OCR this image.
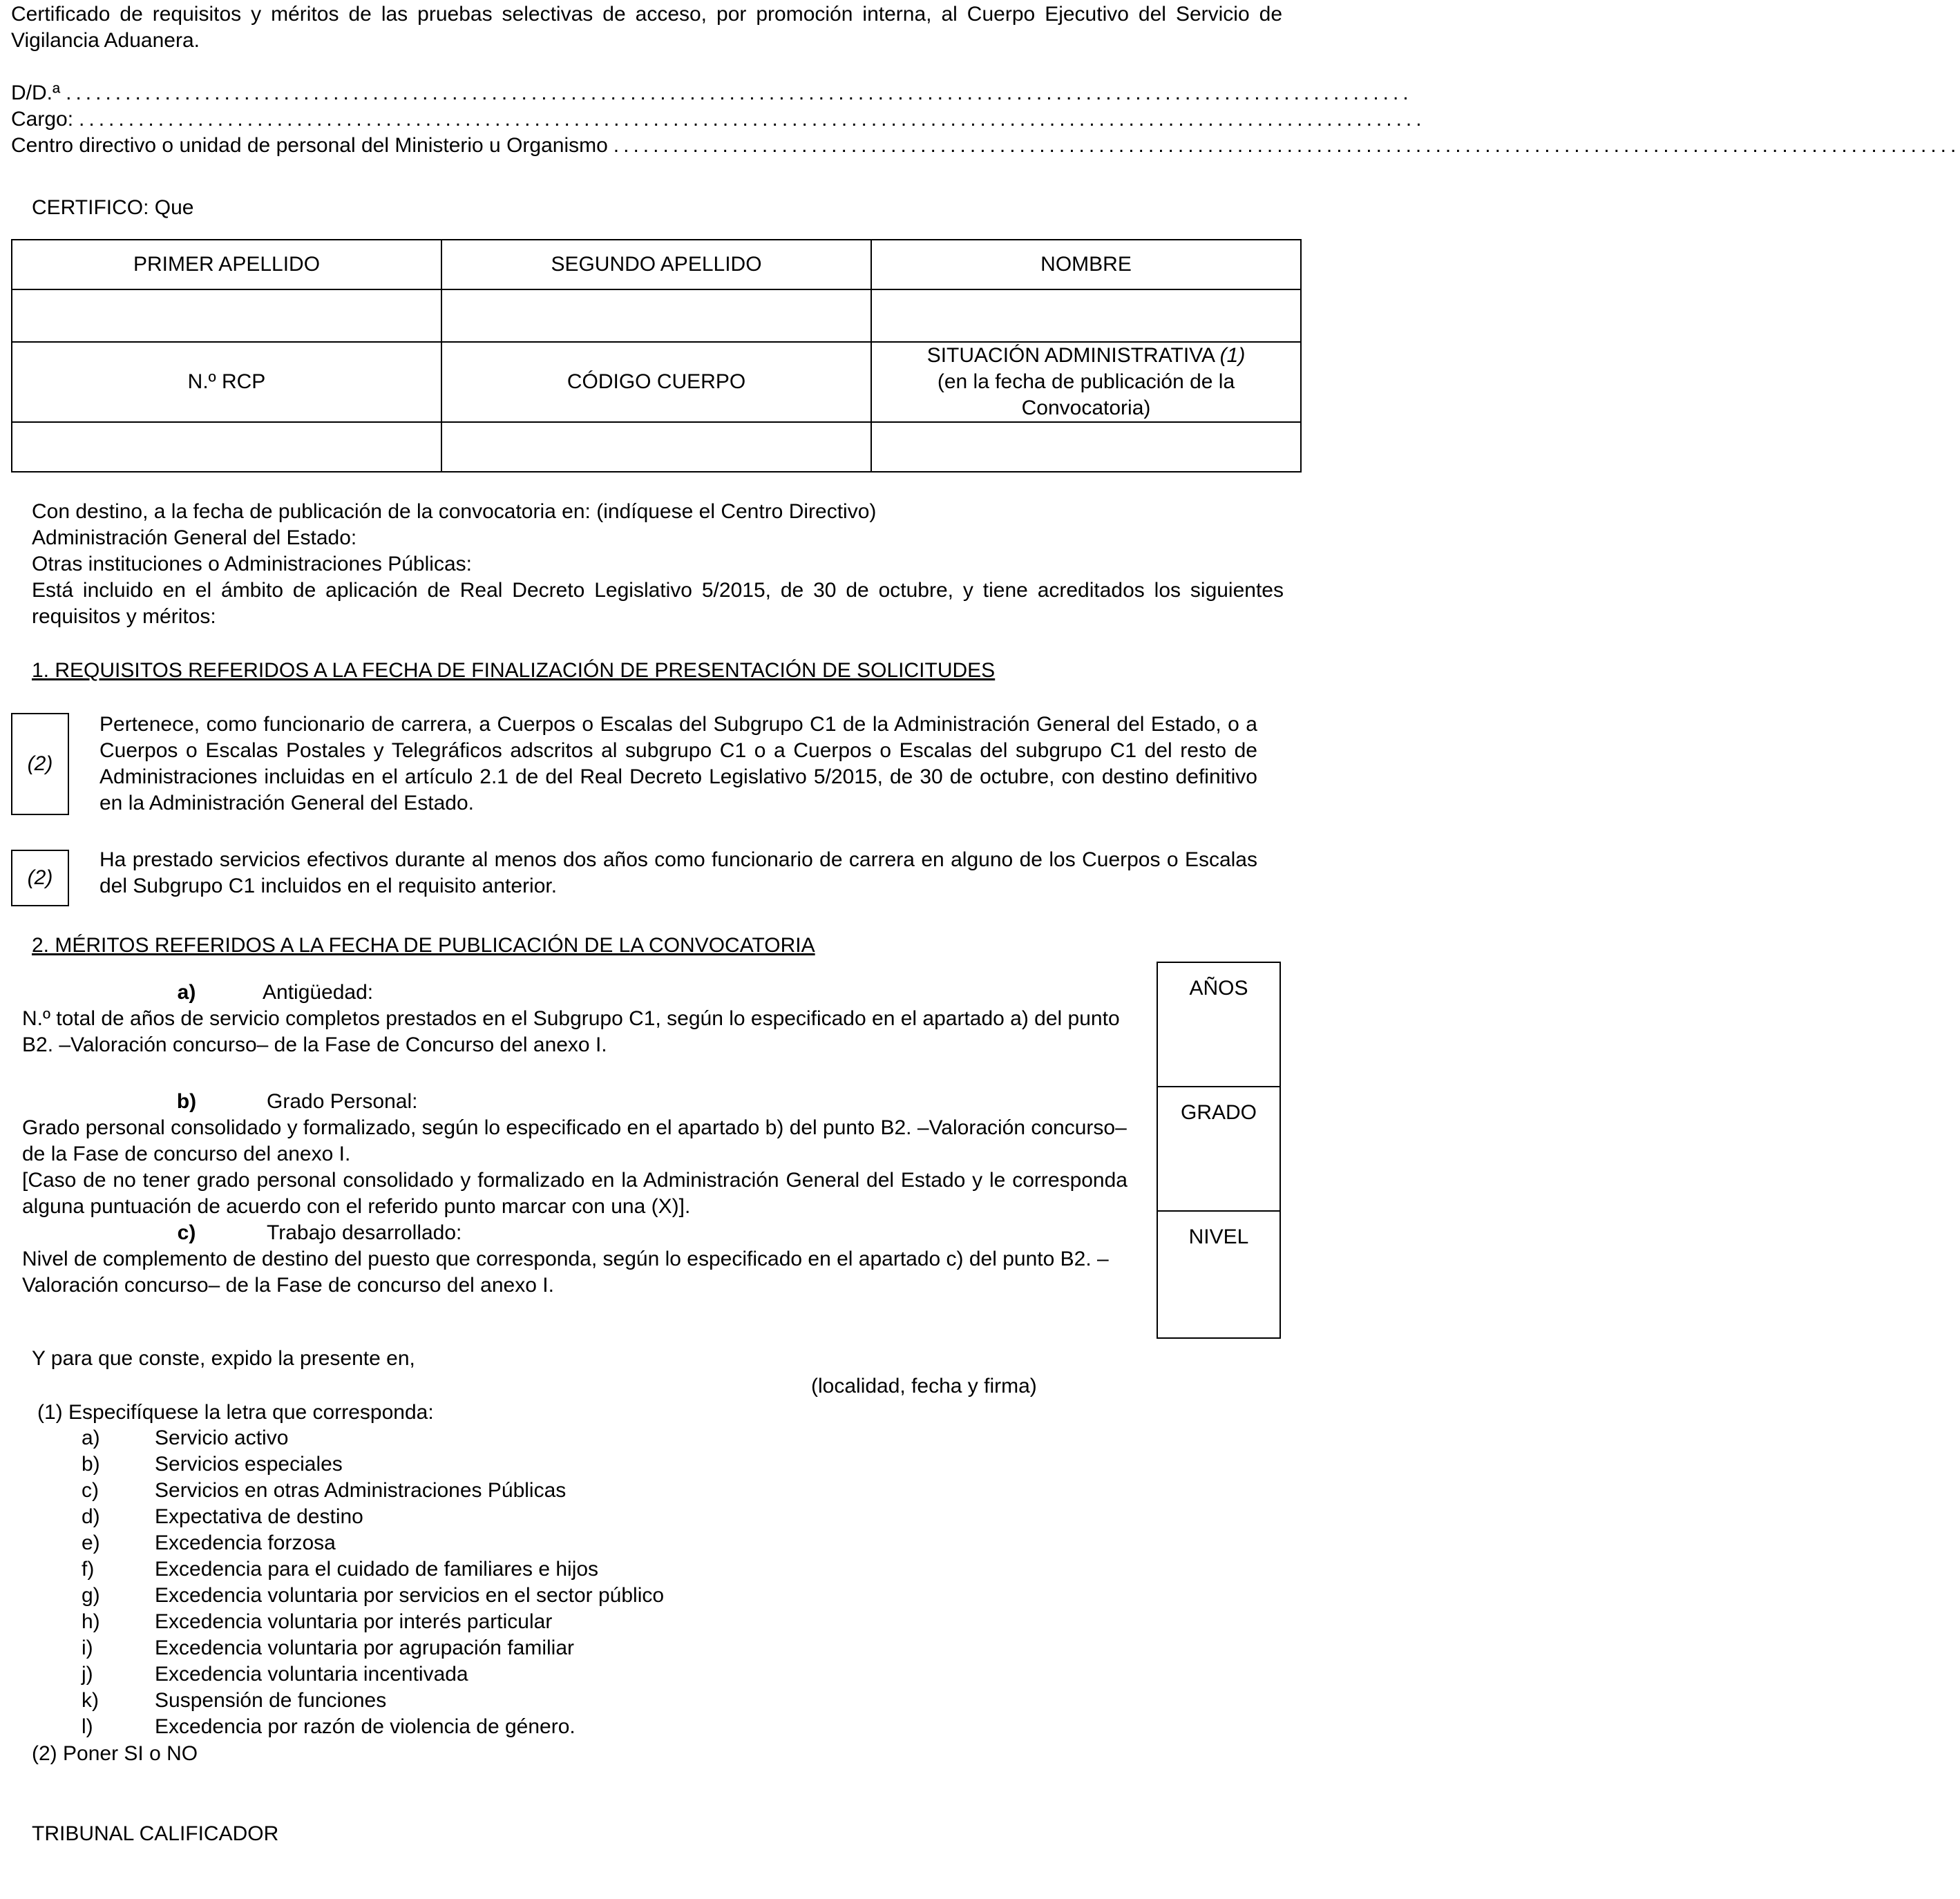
Certificado de requisitos y méritos de las pruebas selectivas de acceso, por promoción interna, al Cuerpo Ejecutivo del Servicio de Vigilancia Aduanera.
D/D.ª ........................................................................................................................................
Cargo: ........................................................................................................................................
Centro directivo o unidad de personal del Ministerio u Organismo ........................................................................................................................................
CERTIFICO: Que
PRIMER APELLIDO	SEGUNDO APELLIDO	NOMBRE

N.º RCP	CÓDIGO CUERPO	SITUACIÓN ADMINISTRATIVA (1)
(en la fecha de publicación de la
Convocatoria)

Con destino, a la fecha de publicación de la convocatoria en: (indíquese el Centro Directivo)
Administración General del Estado:
Otras instituciones o Administraciones Públicas:
Está incluido en el ámbito de aplicación de Real Decreto Legislativo 5/2015, de 30 de octubre, y tiene acreditados los siguientes requisitos y méritos:
1. REQUISITOS REFERIDOS A LA FECHA DE FINALIZACIÓN DE PRESENTACIÓN DE SOLICITUDES
(2)
Pertenece, como funcionario de carrera, a Cuerpos o Escalas del Subgrupo C1 de la Administración General del Estado, o a Cuerpos o Escalas Postales y Telegráficos adscritos al subgrupo C1 o a Cuerpos o Escalas del subgrupo C1 del resto de Administraciones incluidas en el artículo 2.1 de del Real Decreto Legislativo 5/2015, de 30 de octubre, con destino definitivo en la Administración General del Estado.
(2)
Ha prestado servicios efectivos durante al menos dos años como funcionario de carrera en alguno de los Cuerpos o Escalas del Subgrupo C1 incluidos en el requisito anterior.
2. MÉRITOS REFERIDOS A LA FECHA DE PUBLICACIÓN DE LA CONVOCATORIA
a)	Antigüedad:
N.º total de años de servicio completos prestados en el Subgrupo C1, según lo especificado en el apartado a) del punto B2. –Valoración concurso– de la Fase de Concurso del anexo I.
b)	Grado Personal:
Grado personal consolidado y formalizado, según lo especificado en el apartado b) del punto B2. –Valoración concurso– de la Fase de concurso del anexo I.
[Caso de no tener grado personal consolidado y formalizado en la Administración General del Estado y le corresponda alguna puntuación de acuerdo con el referido punto marcar con una (X)].
c)	Trabajo desarrollado:
Nivel de complemento de destino del puesto que corresponda, según lo especificado en el apartado c) del punto B2. –Valoración concurso– de la Fase de concurso del anexo I.
AÑOS
GRADO
NIVEL
Y para que conste, expido la presente en,
(localidad, fecha y firma)
(1) Especifíquese la letra que corresponda:
a)	Servicio activo
b)	Servicios especiales
c)	Servicios en otras Administraciones Públicas
d)	Expectativa de destino
e)	Excedencia forzosa
f)	Excedencia para el cuidado de familiares e hijos
g)	Excedencia voluntaria por servicios en el sector público
h)	Excedencia voluntaria por interés particular
i)	Excedencia voluntaria por agrupación familiar
j)	Excedencia voluntaria incentivada
k)	Suspensión de funciones
l)	Excedencia por razón de violencia de género.
(2) Poner SI o NO
TRIBUNAL CALIFICADOR
